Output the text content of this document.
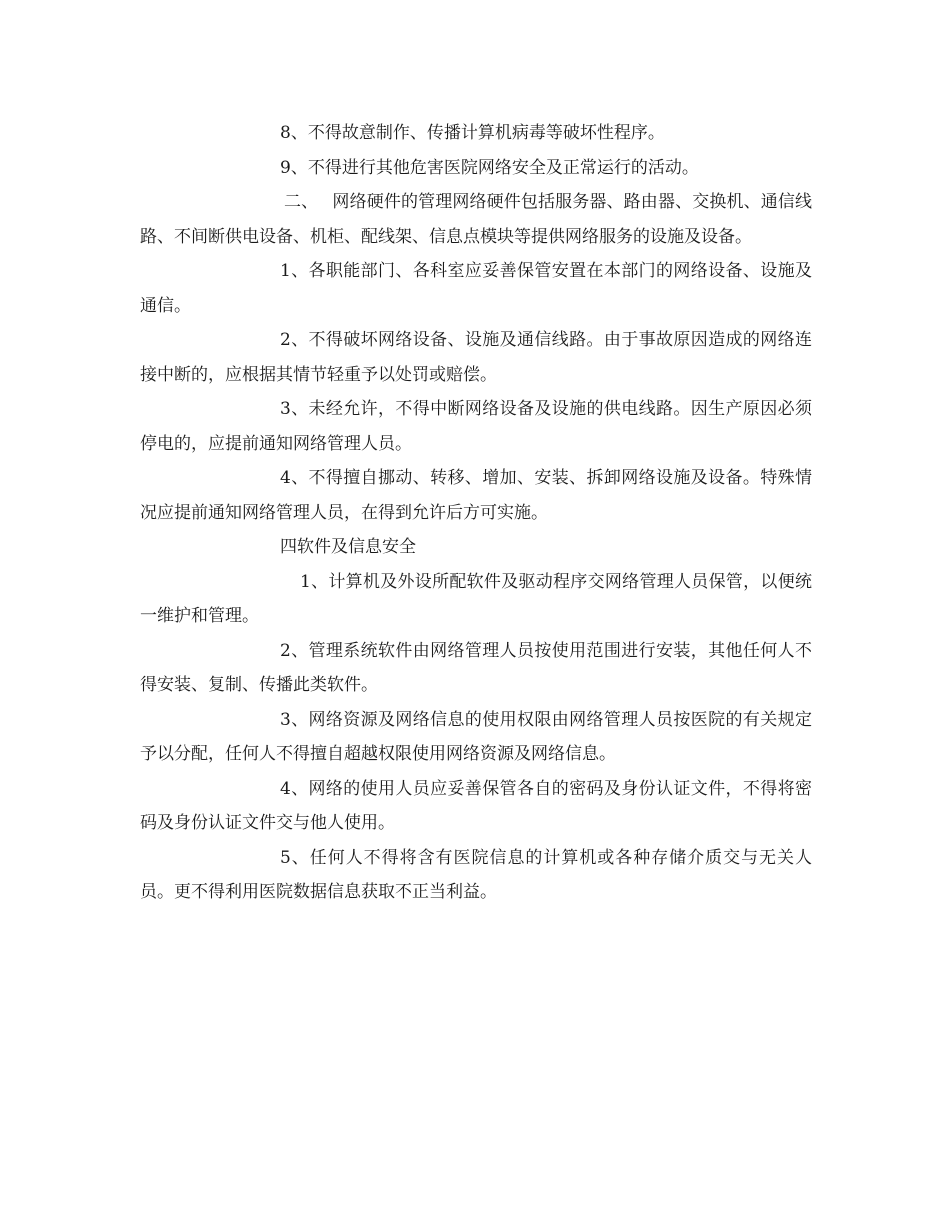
8、不得故意制作、传播计算机病毒等破坏性程序。

9、不得进行其他危害医院网络安全及正常运行的活动。

二、　 网络硬件的管理网络硬件包括服务器、路由器、交换机、通信线路、不间断供电设备、机柜、配线架、信息点模块等提供网络服务的设施及设备。

1、各职能部门、各科室应妥善保管安置在本部门的网络设备、设施及通信。

2、不得破坏网络设备、设施及通信线路。由于事故原因造成的网络连接中断的，应根据其情节轻重予以处罚或赔偿。

3、未经允许，不得中断网络设备及设施的供电线路。因生产原因必须停电的，应提前通知网络管理人员。

4、不得擅自挪动、转移、增加、安装、拆卸网络设施及设备。特殊情况应提前通知网络管理人员，在得到允许后方可实施。

四软件及信息安全

1、计算机及外设所配软件及驱动程序交网络管理人员保管，以便统一维护和管理。

2、管理系统软件由网络管理人员按使用范围进行安装，其他任何人不得安装、复制、传播此类软件。

3、网络资源及网络信息的使用权限由网络管理人员按医院的有关规定予以分配，任何人不得擅自超越权限使用网络资源及网络信息。

4、网络的使用人员应妥善保管各自的密码及身份认证文件，不得将密码及身份认证文件交与他人使用。

5、任何人不得将含有医院信息的计算机或各种存储介质交与无关人员。更不得利用医院数据信息获取不正当利益。
